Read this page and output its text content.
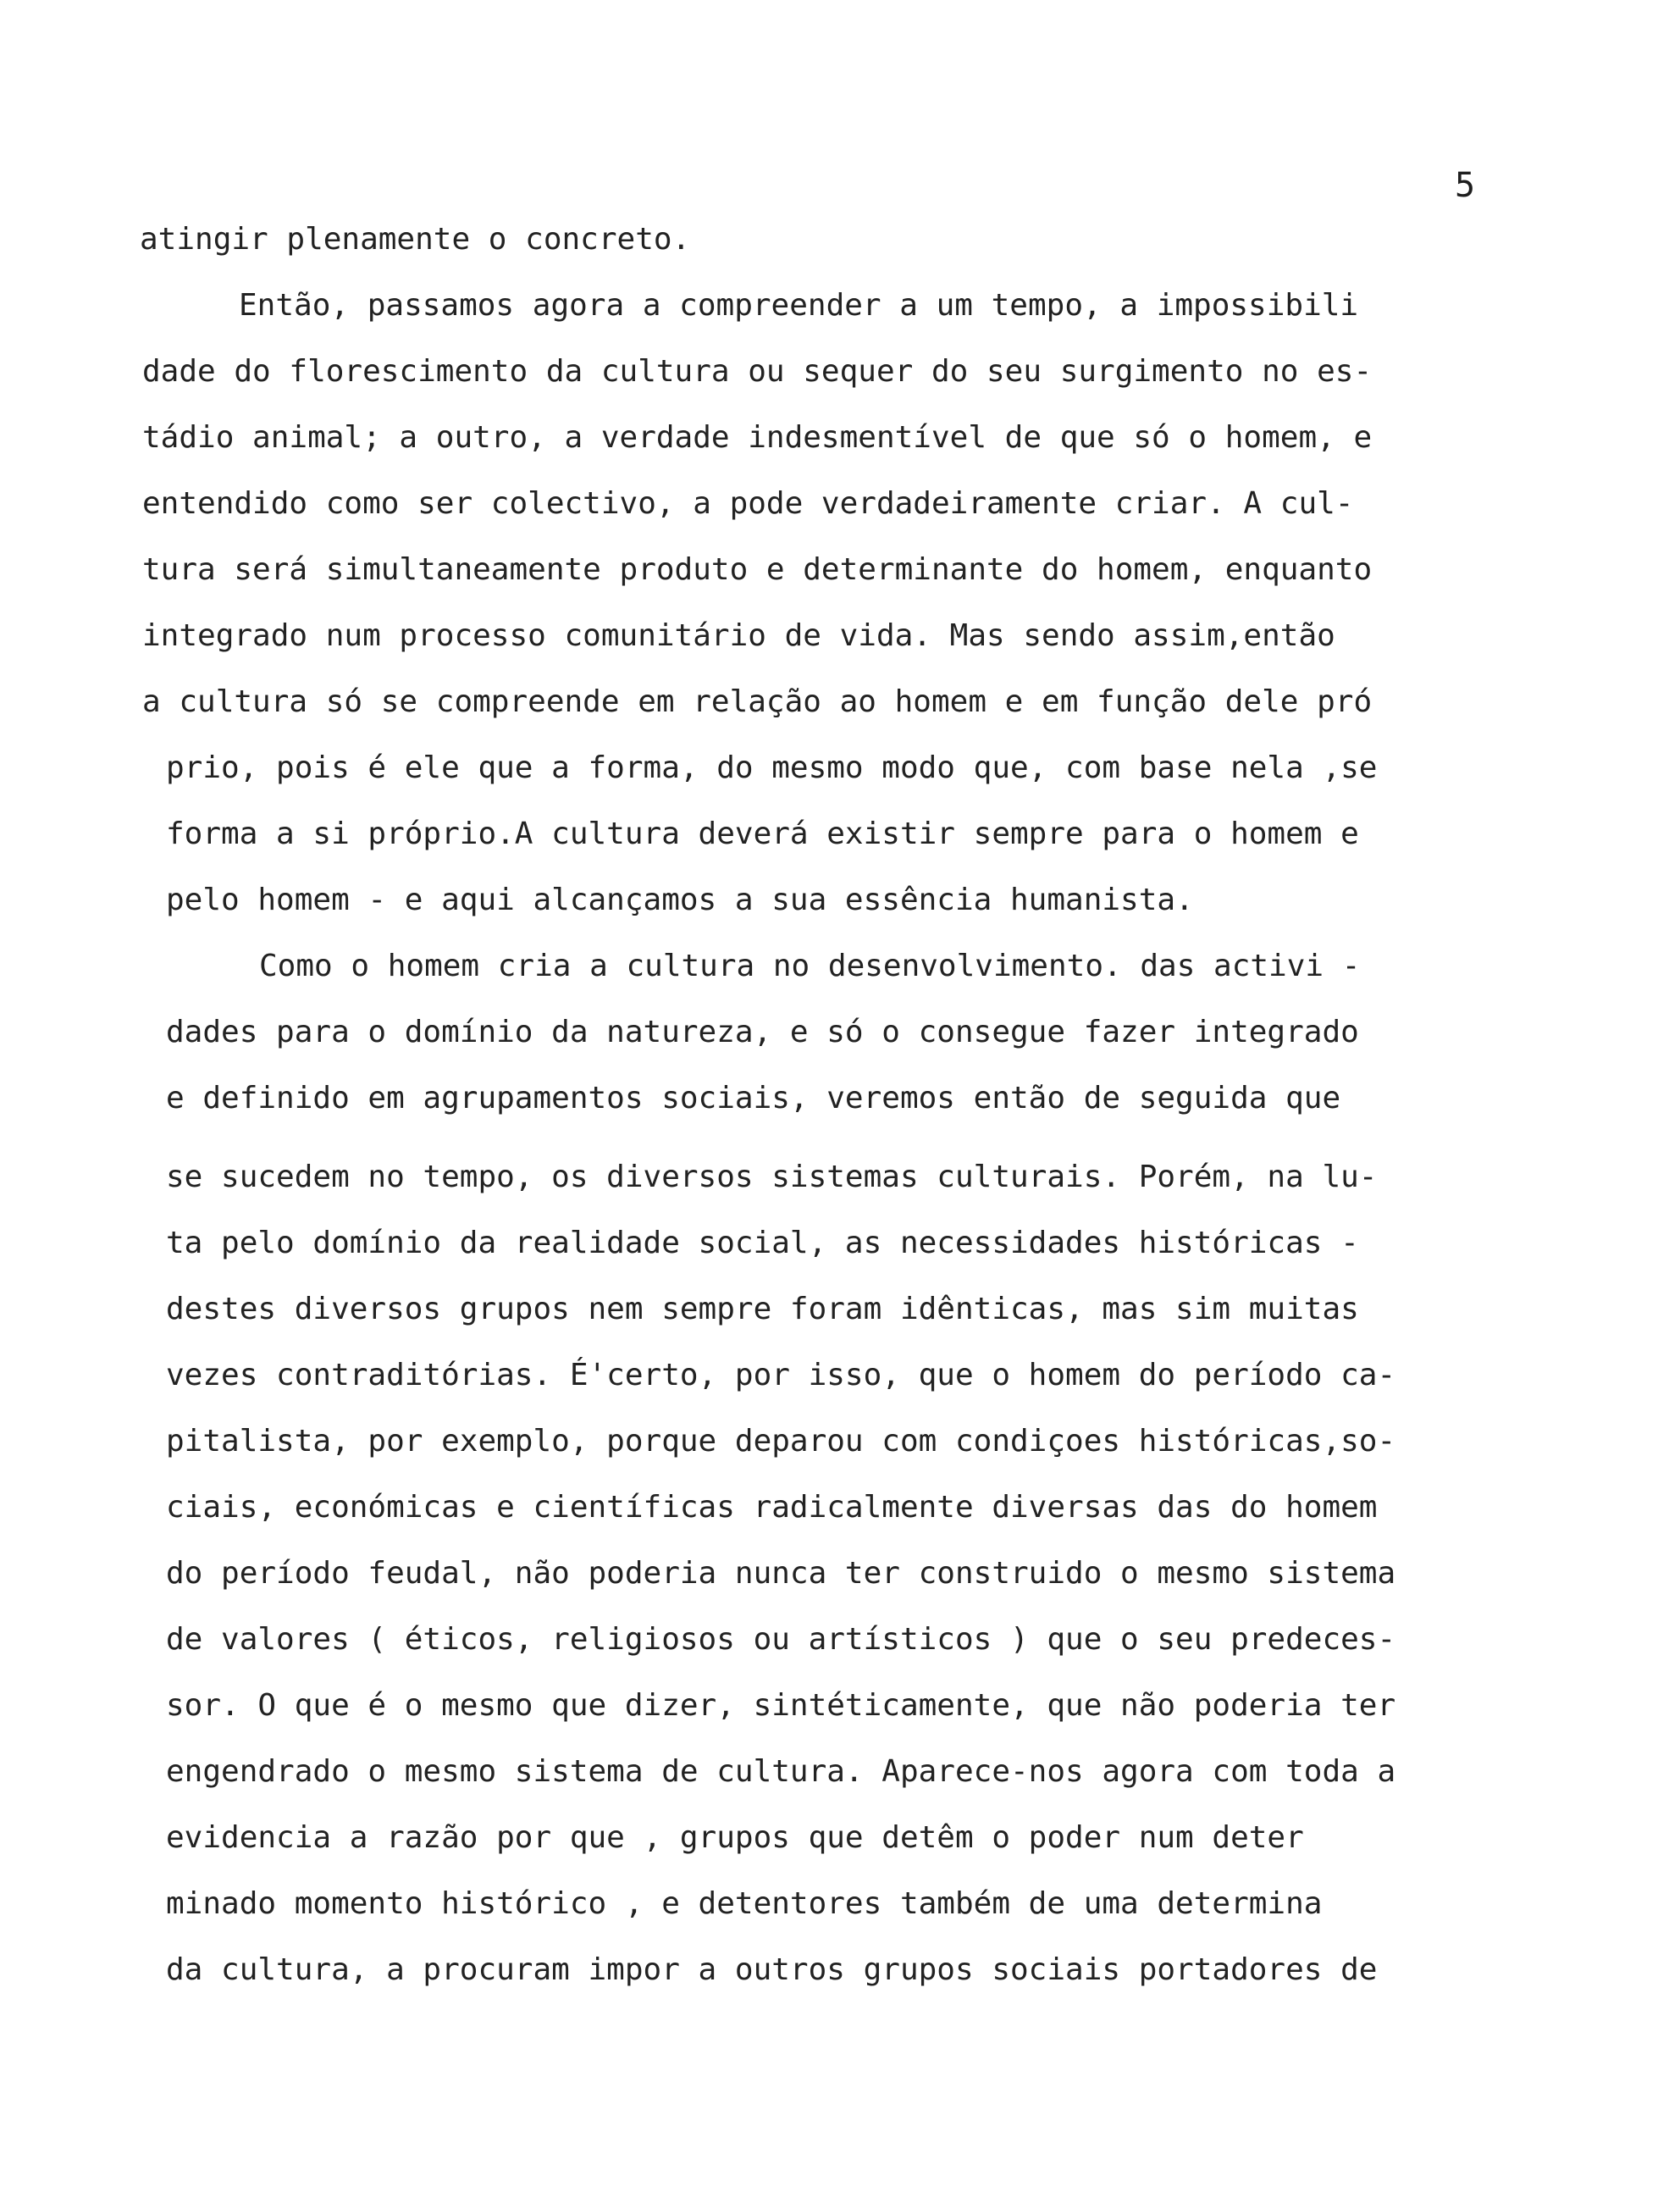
5
atingir plenamente o concreto.
Então, passamos agora a compreender a um tempo, a impossibili
dade do florescimento da cultura ou sequer do seu surgimento no es-
tádio animal; a outro, a verdade indesmentível de que só o homem, e
entendido como ser colectivo, a pode verdadeiramente criar. A cul-
tura será simultaneamente produto e determinante do homem, enquanto
integrado num processo comunitário de vida. Mas sendo assim,então
a cultura só se compreende em relação ao homem e em função dele pró
prio, pois é ele que a forma, do mesmo modo que, com base nela ,se
forma a si próprio.A cultura deverá existir sempre para o homem e
pelo homem - e aqui alcançamos a sua essência humanista.
Como o homem cria a cultura no desenvolvimento. das activi -
dades para o domínio da natureza, e só o consegue fazer integrado
e definido em agrupamentos sociais, veremos então de seguida que
se sucedem no tempo, os diversos sistemas culturais. Porém, na lu-
ta pelo domínio da realidade social, as necessidades históricas -
destes diversos grupos nem sempre foram idênticas, mas sim muitas
vezes contraditórias. É'certo, por isso, que o homem do período ca-
pitalista, por exemplo, porque deparou com condiçoes históricas,so-
ciais, económicas e científicas radicalmente diversas das do homem
do período feudal, não poderia nunca ter construido o mesmo sistema
de valores ( éticos, religiosos ou artísticos ) que o seu predeces-
sor. O que é o mesmo que dizer, sintéticamente, que não poderia ter
engendrado o mesmo sistema de cultura. Aparece-nos agora com toda a
evidencia a razão por que , grupos que detêm o poder num deter
minado momento histórico , e detentores também de uma determina
da cultura, a procuram impor a outros grupos sociais portadores de
